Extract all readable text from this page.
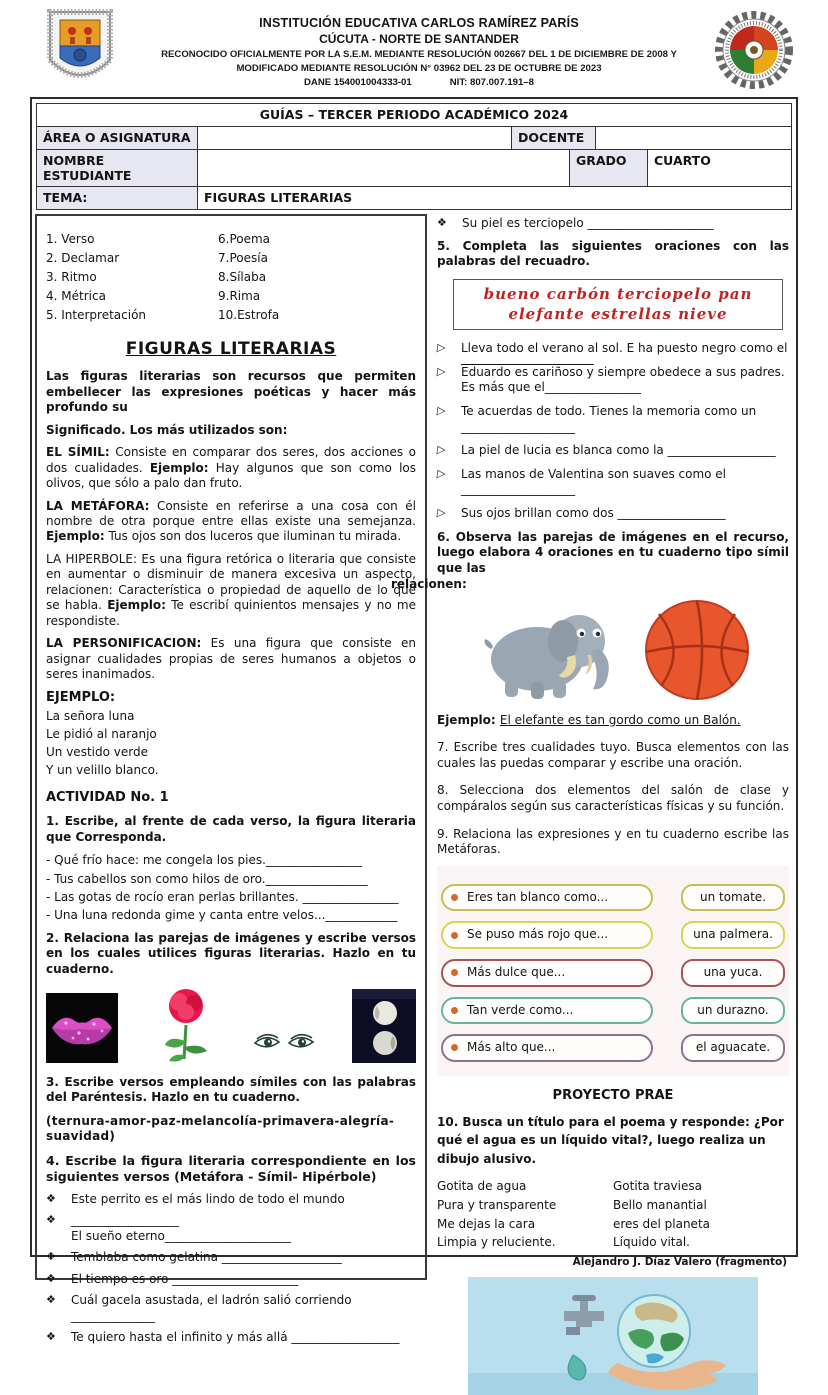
INSTITUCIÓN EDUCATIVA CARLOS RAMÍREZ PARÍS
CÚCUTA - NORTE DE SANTANDER
RECONOCIDO OFICIALMENTE POR LA S.E.M. MEDIANTE RESOLUCIÓN 002667 DEL 1 DE DICIEMBRE DE 2008 Y
MODIFICADO MEDIANTE RESOLUCIÓN N° 03962 DEL 23 DE OCTUBRE DE 2023
DANE 154001004333-01	NIT: 807.007.191–8
GUÍAS – TERCER PERIODO ACADÉMICO 2024
ÁREA O ASIGNATURA	DOCENTE
NOMBRE ESTUDIANTE
GRADO	CUARTO
TEMA:	FIGURAS LITERARIAS
1. Verso	6.Poema
2. Declamar	7.Poesía
3. Ritmo	8.Sílaba
4. Métrica	9.Rima
5. Interpretación	10.Estrofa
FIGURAS LITERARIAS

Las figuras literarias son recursos que permiten embellecer las expresiones poéticas y hacer más profundo su

Significado. Los más utilizados son:

EL SÍMIL: Consiste en comparar dos seres, dos acciones o dos cualidades. Ejemplo: Hay algunos que son como los olivos, que sólo a palo dan fruto.

LA METÁFORA: Consiste en referirse a una cosa con él nombre de otra porque entre ellas existe una semejanza. Ejemplo: Tus ojos son dos luceros que iluminan tu mirada.

LA HIPERBOLE: Es una figura retórica o literaria que consiste en aumentar o disminuir de manera excesiva un aspecto, relacionen: Característica o propiedad de aquello de lo que se habla. Ejemplo: Te escribí quinientos mensajes y no me respondiste.

LA PERSONIFICACION: Es una figura que consiste en asignar cualidades propias de seres humanos a objetos o seres inanimados.

EJEMPLO:
La señora luna
Le pidió al naranjo
Un vestido verde
Y un velillo blanco.
ACTIVIDAD No. 1

1. Escribe, al frente de cada verso, la figura literaria que Corresponda.

- Qué frío hace: me congela los pies.________________
- Tus cabellos son como hilos de oro._________________
- Las gotas de rocío eran perlas brillantes. ________________
- Una luna redonda gime y canta entre velos...____________

2. Relaciona las parejas de imágenes y escribe versos en los cuales utilices figuras literarias. Hazlo en tu cuaderno.

3. Escribe versos empleando símiles con las palabras del Paréntesis. Hazlo en tu cuaderno.

(ternura-amor-paz-melancolía-primavera-alegría-suavidad)

4. Escribe la figura literaria correspondiente en los siguientes versos (Metáfora - Símil- Hipérbole)

❖ Este perrito es el más lindo de todo el mundo
❖ __________________
El sueño eterno_____________________
❖ Temblaba como gelatina ____________________
❖ El tiempo es oro _____________________
❖ Cuál gacela asustada, el ladrón salió corriendo ______________
❖ Te quiero hasta el infinito y más allá __________________
❖ Su piel es terciopelo _____________________

5. Completa las siguientes oraciones con las palabras del recuadro.

bueno carbón terciopelo pan
elefante estrellas nieve
▷ Lleva todo el verano al sol. E ha puesto negro como el
▷ Eduardo es cariñoso y siempre obedece a sus padres. Es más que el________________
▷ Te acuerdas de todo. Tienes la memoria como un
___________________
▷ La piel de lucia es blanca como la __________________
▷ Las manos de Valentina son suaves como el
___________________
▷ Sus ojos brillan como dos __________________

6. Observa las parejas de imágenes en el recurso, luego elabora 4 oraciones en tu cuaderno tipo símil que las

relacionen:
Ejemplo: El elefante es tan gordo como un Balón.

7. Escribe tres cualidades tuyo. Busca elementos con las cuales las puedas comparar y escribe una oración.

8. Selecciona dos elementos del salón de clase y compáralos según sus características físicas y su función.

9. Relaciona las expresiones y en tu cuaderno escribe las Metáforas.

Eres tan blanco como...	un tomate.
Se puso más rojo que...	una palmera.
Más dulce que...	una yuca.
Tan verde como...	un durazno.
Más alto que...	el aguacate.
PROYECTO PRAE

10. Busca un título para el poema y responde: ¿Por qué el agua es un líquido vital?, luego realiza un dibujo alusivo.

Gotita de agua
Pura y transparente
Me dejas la cara
Limpia y reluciente.
Gotita traviesa
Bello manantial
eres del planeta
Líquido vital.
Alejandro J. Díaz Valero (fragmento)
